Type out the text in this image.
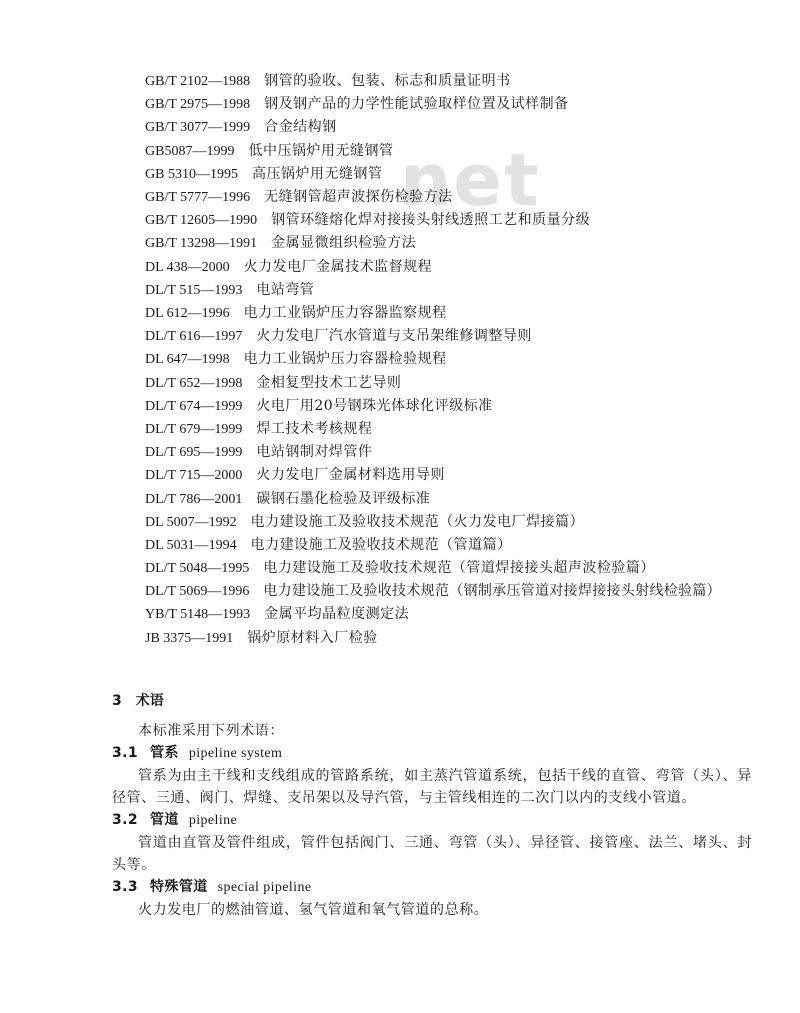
net
GB/T 2102—1988 钢管的验收、包装、标志和质量证明书
GB/T 2975—1998 钢及钢产品的力学性能试验取样位置及试样制备
GB/T 3077—1999 合金结构钢
GB5087—1999 低中压锅炉用无缝钢管
GB 5310—1995 高压锅炉用无缝钢管
GB/T 5777—1996 无缝钢管超声波探伤检验方法
GB/T 12605—1990 钢管环缝熔化焊对接接头射线透照工艺和质量分级
GB/T 13298—1991 金属显微组织检验方法
DL 438—2000 火力发电厂金属技术监督规程
DL/T 515—1993 电站弯管
DL 612—1996 电力工业锅炉压力容器监察规程
DL/T 616—1997 火力发电厂汽水管道与支吊架维修调整导则
DL 647—1998 电力工业锅炉压力容器检验规程
DL/T 652—1998 金相复型技术工艺导则
DL/T 674—1999 火电厂用20号钢珠光体球化评级标准
DL/T 679—1999 焊工技术考核规程
DL/T 695—1999 电站钢制对焊管件
DL/T 715—2000 火力发电厂金属材料选用导则
DL/T 786—2001 碳钢石墨化检验及评级标准
DL 5007—1992 电力建设施工及验收技术规范（火力发电厂焊接篇）
DL 5031—1994 电力建设施工及验收技术规范（管道篇）
DL/T 5048—1995 电力建设施工及验收技术规范（管道焊接接头超声波检验篇）
DL/T 5069—1996 电力建设施工及验收技术规范（钢制承压管道对接焊接接头射线检验篇）
YB/T 5148—1993 金属平均晶粒度测定法
JB 3375—1991 锅炉原材料入厂检验
3 术语

本标准采用下列术语：

3.1 管系 pipeline system

管系为由主干线和支线组成的管路系统，如主蒸汽管道系统，包括干线的直管、弯管（头）、异径管、三通、阀门、焊缝、支吊架以及导汽管，与主管线相连的二次门以内的支线小管道。

3.2 管道 pipeline

管道由直管及管件组成，管件包括阀门、三通、弯管（头）、异径管、接管座、法兰、堵头、封头等。

3.3 特殊管道 special pipeline

火力发电厂的燃油管道、氢气管道和氧气管道的总称。
